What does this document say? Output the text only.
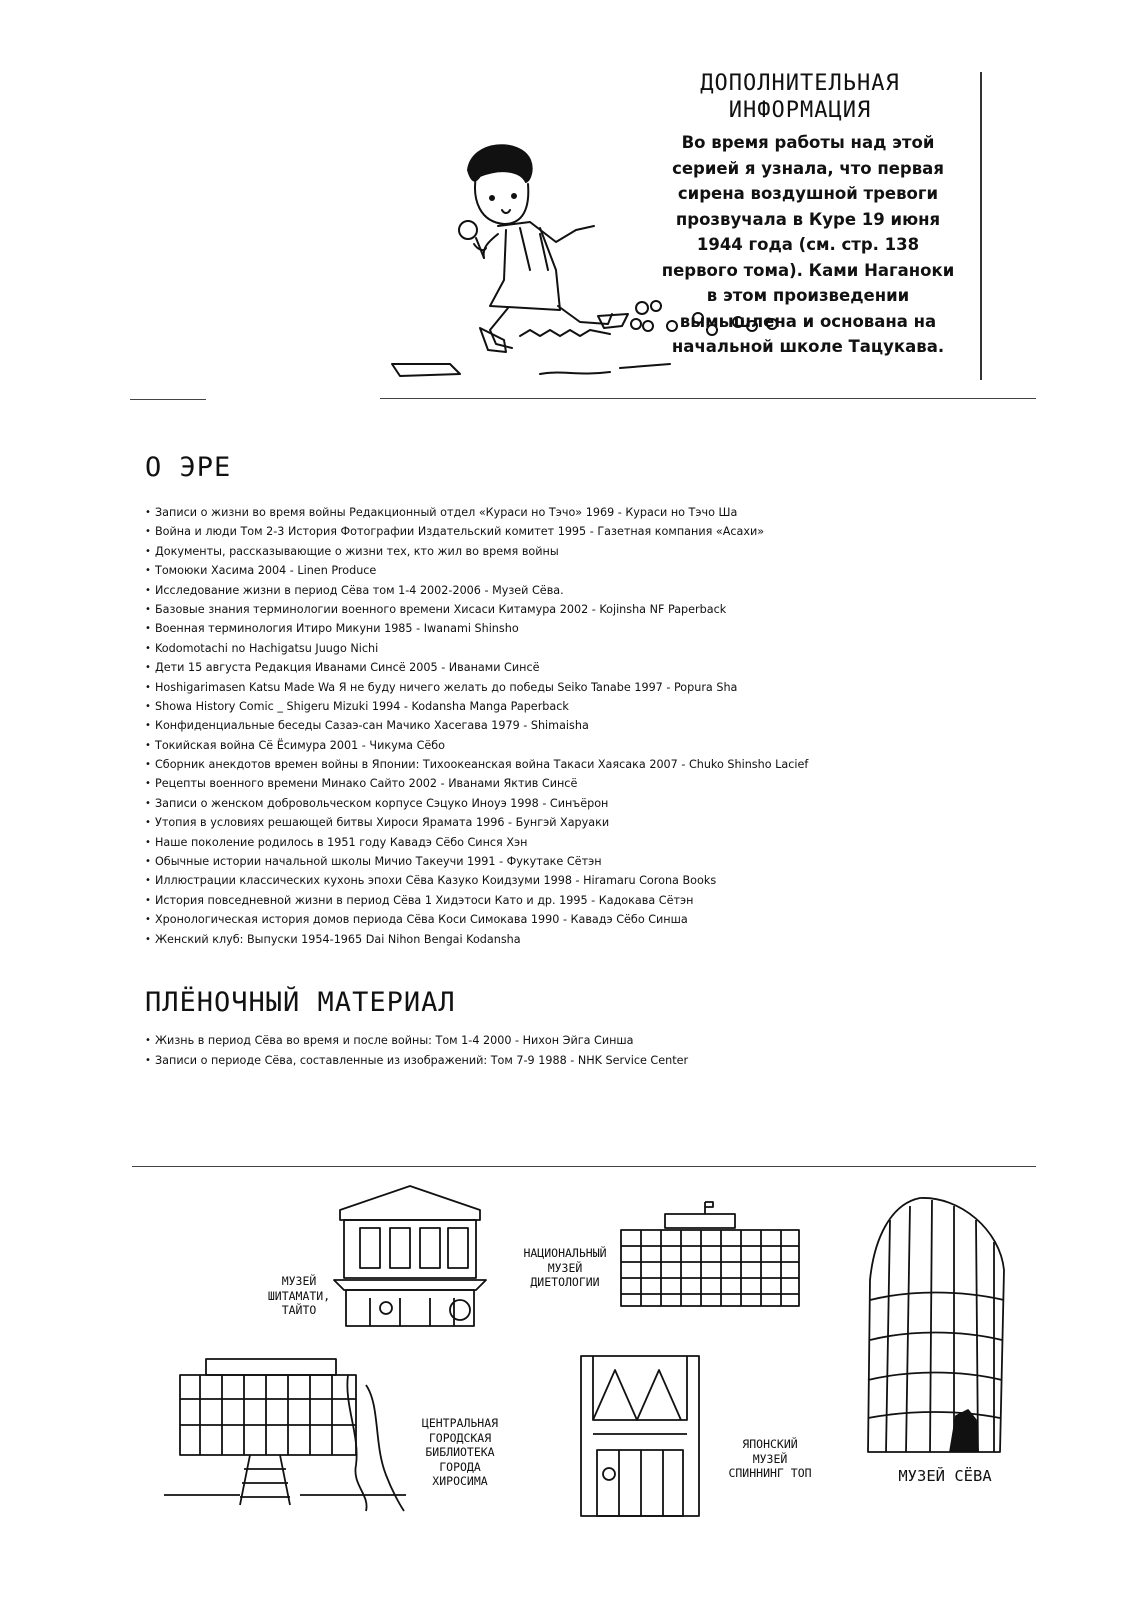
ДОПОЛНИТЕЛЬНАЯ
ИНФОРМАЦИЯ
Во время работы над этой
серией я узнала, что первая
сирена воздушной тревоги
прозвучала в Куре 19 июня
1944 года (см. стр. 138
первого тома). Ками Наганоки
в этом произведении
вымышлена и основана на
начальной школе Тацукава.
О ЭРЕ
• Записи о жизни во время войны Редакционный отдел «Кураси но Тэчо» 1969 - Кураси но Тэчо Ша
• Война и люди Том 2-3 История Фотографии Издательский комитет 1995 - Газетная компания «Асахи»
• Документы, рассказывающие о жизни тех, кто жил во время войны
• Томоюки Хасима 2004 - Linen Produce
• Исследование жизни в период Сёва том 1-4 2002-2006 - Музей Сёва.
• Базовые знания терминологии военного времени Хисаси Китамура 2002 - Kojinsha NF Paperback
• Военная терминология Итиро Микуни 1985 - Iwanami Shinsho
• Kodomotachi no Hachigatsu Juugo Nichi
• Дети 15 августа Редакция Иванами Синсё 2005 - Иванами Синсё
• Hoshigarimasen Katsu Made Wa Я не буду ничего желать до победы Seiko Tanabe 1997 - Popura Sha
• Showa History Comic _ Shigeru Mizuki 1994 - Kodansha Manga Paperback
• Конфиденциальные беседы Сазаэ-сан Мачико Хасегава 1979 - Shimaisha
• Токийская война Сё Ёсимура 2001 - Чикума Сёбо
• Сборник анекдотов времен войны в Японии: Тихоокеанская война Такаси Хаясака 2007 - Chuko Shinsho Lacief
• Рецепты военного времени Минако Сайто 2002 - Иванами Яктив Синсё
• Записи о женском добровольческом корпусе Сэцуко Иноуэ 1998 - Синъёрон
• Утопия в условиях решающей битвы Хироси Ярамата 1996 - Бунгэй Харуаки
• Наше поколение родилось в 1951 году Кавадэ Сёбо Синся Хэн
• Обычные истории начальной школы Мичио Такеучи 1991 - Фукутаке Сётэн
• Иллюстрации классических кухонь эпохи Сёва Казуко Коидзуми 1998 - Hiramaru Corona Books
• История повседневной жизни в период Сёва 1 Хидэтоси Като и др. 1995 - Кадокава Сётэн
• Хронологическая история домов периода Сёва Коси Симокава 1990 - Кавадэ Сёбо Синша
• Женский клуб: Выпуски 1954-1965 Dai Nihon Bengai Kodansha
ПЛЁНОЧНЫЙ МАТЕРИАЛ
• Жизнь в период Сёва во время и после войны: Том 1-4 2000 - Нихон Эйга Синша
• Записи о периоде Сёва, составленные из изображений: Том 7-9 1988 - NHK Service Center
МУЗЕЙ
ШИТАМАТИ,
ТАЙТО
НАЦИОНАЛЬНЫЙ
МУЗЕЙ
ДИЕТОЛОГИИ
ЦЕНТРАЛЬНАЯ
ГОРОДСКАЯ
БИБЛИОТЕКА
ГОРОДА
ХИРОСИМА
ЯПОНСКИЙ
МУЗЕЙ
СПИННИНГ ТОП	МУЗЕЙ СЁВА
